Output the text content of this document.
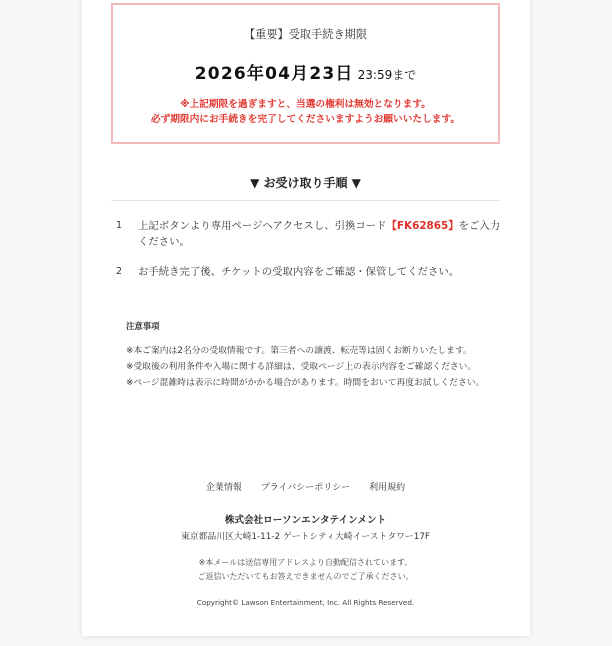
【重要】受取手続き期限
2026年04月23日 23:59まで
※上記期限を過ぎますと、当選の権利は無効となります。
必ず期限内にお手続きを完了してくださいますようお願いいたします。
▼ お受け取り手順 ▼
1 上記ボタンより専用ページへアクセスし、引換コード【FK62865】をご入力ください。
2 お手続き完了後、チケットの受取内容をご確認・保管してください。
注意事項
※本ご案内は2名分の受取情報です。第三者への譲渡、転売等は固くお断りいたします。
※受取後の利用条件や入場に関する詳細は、受取ページ上の表示内容をご確認ください。
※ページ混雑時は表示に時間がかかる場合があります。時間をおいて再度お試しください。
企業情報 プライバシーポリシー 利用規約
株式会社ローソンエンタテインメント
東京都品川区大崎1-11-2 ゲートシティ大崎イーストタワー17F
※本メールは送信専用アドレスより自動配信されています。
ご返信いただいてもお答えできませんのでご了承ください。
Copyright© Lawson Entertainment, Inc. All Rights Reserved.
